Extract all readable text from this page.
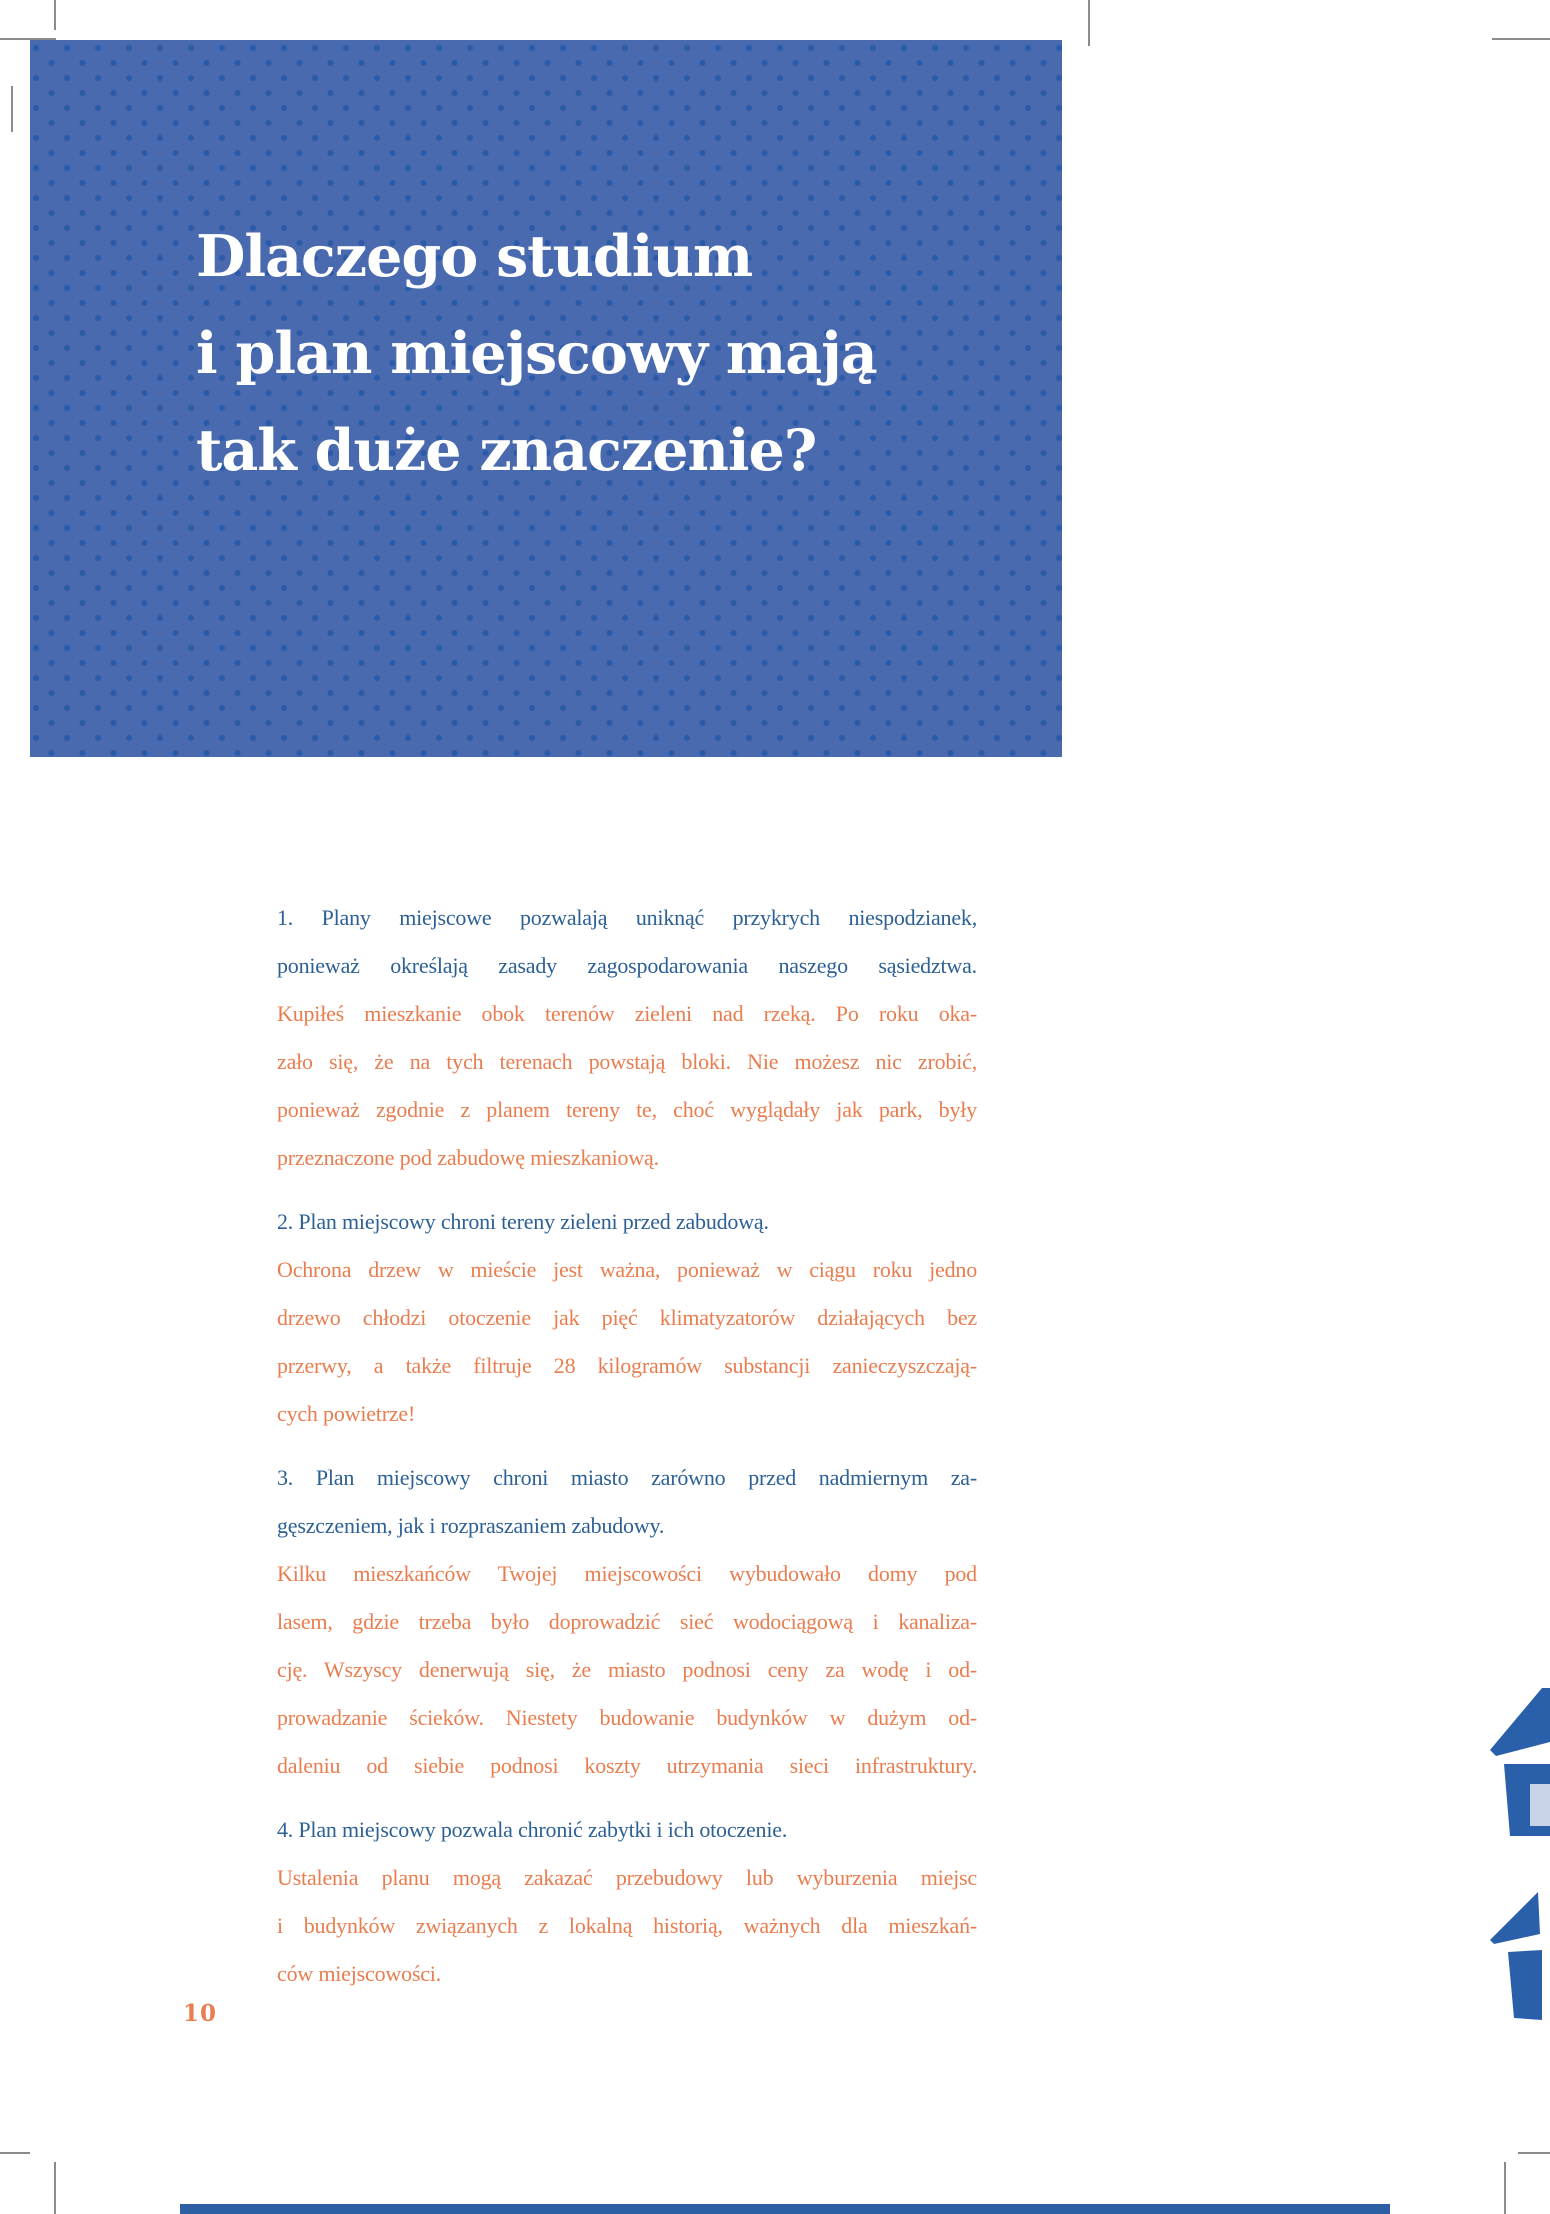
Dlaczego studium
i plan miejscowy mają
tak duże znaczenie?
1. Plany miejscowe pozwalają uniknąć przykrych niespodzianek,
ponieważ określają zasady zagospodarowania naszego sąsiedztwa.
Kupiłeś mieszkanie obok terenów zieleni nad rzeką. Po roku oka-
zało się, że na tych terenach powstają bloki. Nie możesz nic zrobić,
ponieważ zgodnie z planem tereny te, choć wyglądały jak park, były
przeznaczone pod zabudowę mieszkaniową.
2. Plan miejscowy chroni tereny zieleni przed zabudową.
Ochrona drzew w mieście jest ważna, ponieważ w ciągu roku jedno
drzewo chłodzi otoczenie jak pięć klimatyzatorów działających bez
przerwy, a także filtruje 28 kilogramów substancji zanieczyszczają-
cych powietrze!
3. Plan miejscowy chroni miasto zarówno przed nadmiernym za-
gęszczeniem, jak i rozpraszaniem zabudowy.
Kilku mieszkańców Twojej miejscowości wybudowało domy pod
lasem, gdzie trzeba było doprowadzić sieć wodociągową i kanaliza-
cję. Wszyscy denerwują się, że miasto podnosi ceny za wodę i od-
prowadzanie ścieków. Niestety budowanie budynków w dużym od-
daleniu od siebie podnosi koszty utrzymania sieci infrastruktury.
4. Plan miejscowy pozwala chronić zabytki i ich otoczenie.
Ustalenia planu mogą zakazać przebudowy lub wyburzenia miejsc
i budynków związanych z lokalną historią, ważnych dla mieszkań-
ców miejscowości.
10
